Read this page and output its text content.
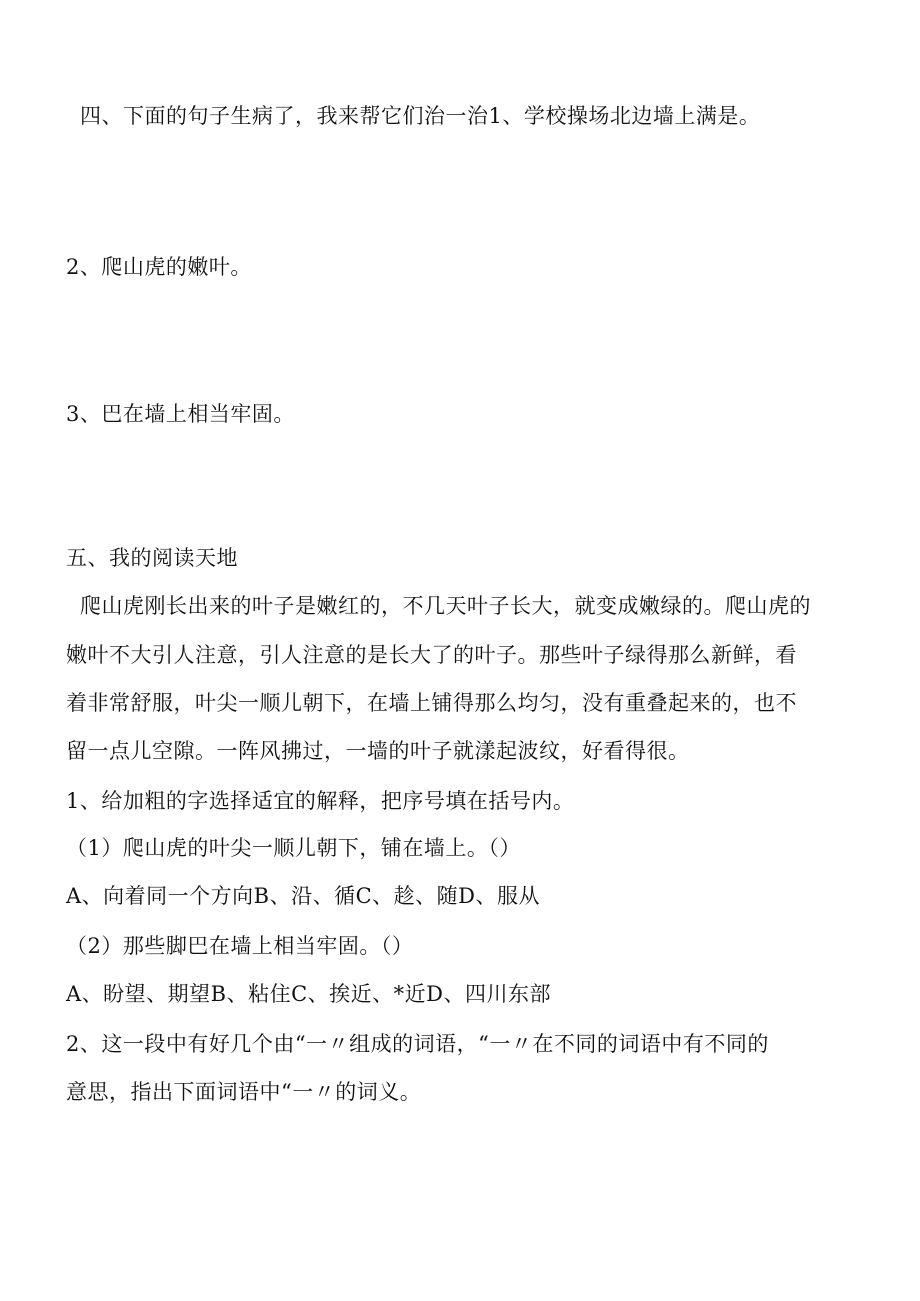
四、下面的句子生病了，我来帮它们治一治1、学校操场北边墙上满是。
2、爬山虎的嫩叶。
3、巴在墙上相当牢固。
五、我的阅读天地
爬山虎刚长出来的叶子是嫩红的，不几天叶子长大，就变成嫩绿的。爬山虎的
嫩叶不大引人注意，引人注意的是长大了的叶子。那些叶子绿得那么新鲜，看
着非常舒服，叶尖一顺儿朝下，在墙上铺得那么均匀，没有重叠起来的，也不
留一点儿空隙。一阵风拂过，一墙的叶子就漾起波纹，好看得很。
1、给加粗的字选择适宜的解释，把序号填在括号内。
（1）爬山虎的叶尖一顺儿朝下，铺在墙上。（）
A、向着同一个方向B、沿、循C、趁、随D、服从
（2）那些脚巴在墙上相当牢固。（）
A、盼望、期望B、粘住C、挨近、*近D、四川东部
2、这一段中有好几个由“一〃组成的词语，“一〃在不同的词语中有不同的
意思，指出下面词语中“一〃的词义。
